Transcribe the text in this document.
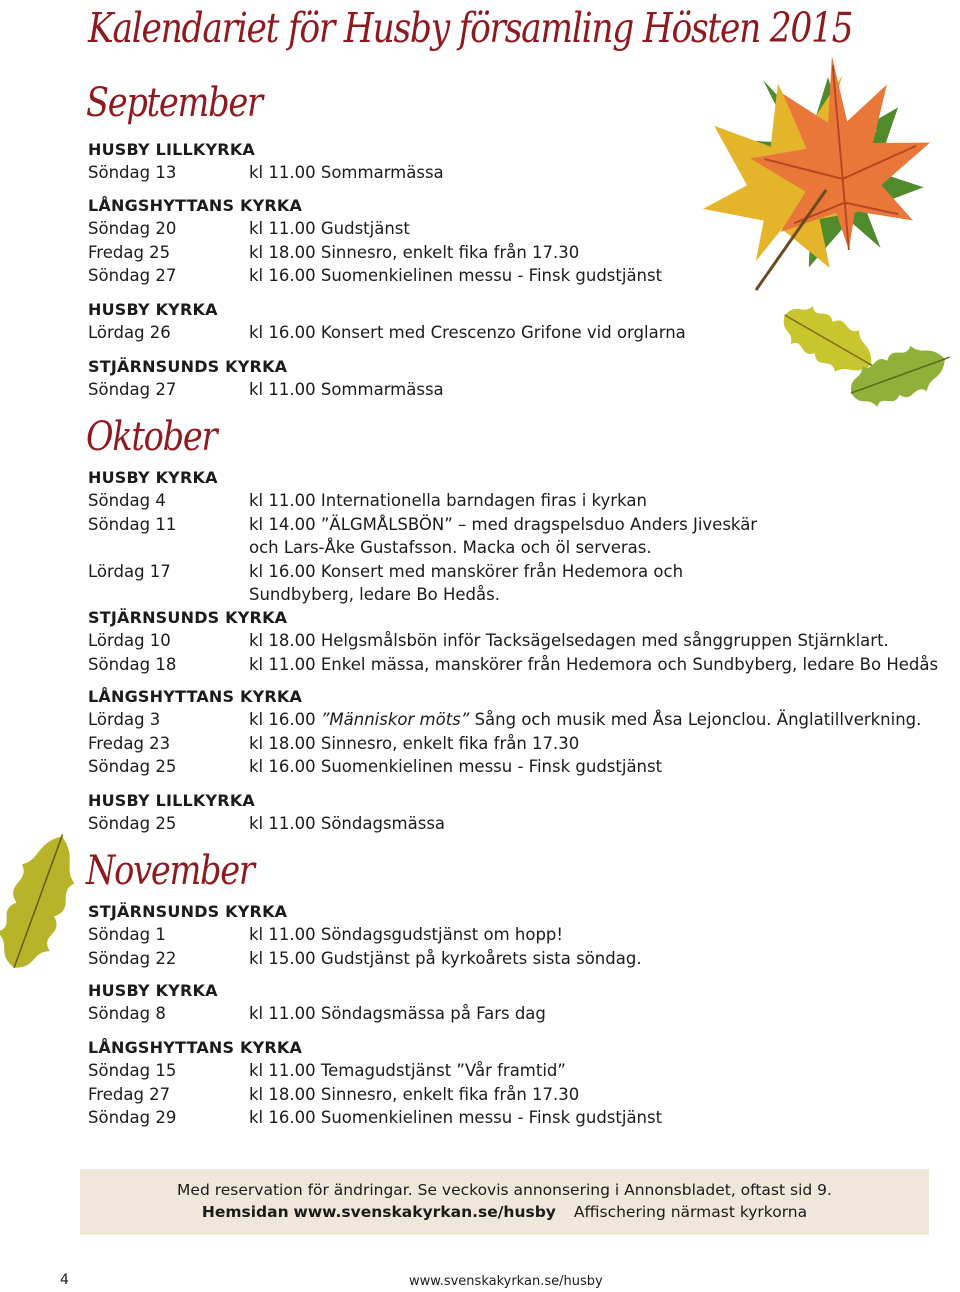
Kalendariet för Husby församling Hösten 2015
September
HUSBY LILLKYRKA
Söndag 13	kl 11.00 Sommarmässa
LÅNGSHYTTANS KYRKA
Söndag 20	kl 11.00 Gudstjänst
Fredag 25	kl 18.00 Sinnesro, enkelt fika från 17.30
Söndag 27	kl 16.00 Suomenkielinen messu - Finsk gudstjänst
HUSBY KYRKA
Lördag 26	kl 16.00 Konsert med Crescenzo Grifone vid orglarna
STJÄRNSUNDS KYRKA
Söndag 27	kl 11.00 Sommarmässa
Oktober
HUSBY KYRKA
Söndag 4	kl 11.00 Internationella barndagen firas i kyrkan
Söndag 11	kl 14.00 ”ÄLGMÅLSBÖN” – med dragspelsduo Anders Jiveskär
och Lars-Åke Gustafsson. Macka och öl serveras.
Lördag 17	kl 16.00 Konsert med manskörer från Hedemora och
Sundbyberg, ledare Bo Hedås.
STJÄRNSUNDS KYRKA
Lördag 10	kl 18.00 Helgsmålsbön inför Tacksägelsedagen med sånggruppen Stjärnklart.
Söndag 18	kl 11.00 Enkel mässa, manskörer från Hedemora och Sundbyberg, ledare Bo Hedås
LÅNGSHYTTANS KYRKA
Lördag 3	kl 16.00 ”Människor möts” Sång och musik med Åsa Lejonclou. Änglatillverkning.
Fredag 23	kl 18.00 Sinnesro, enkelt fika från 17.30
Söndag 25	kl 16.00 Suomenkielinen messu - Finsk gudstjänst
HUSBY LILLKYRKA
Söndag 25	kl 11.00 Söndagsmässa
November
STJÄRNSUNDS KYRKA
Söndag 1	kl 11.00 Söndagsgudstjänst om hopp!
Söndag 22	kl 15.00 Gudstjänst på kyrkoårets sista söndag.
HUSBY KYRKA
Söndag 8	kl 11.00 Söndagsmässa på Fars dag
LÅNGSHYTTANS KYRKA
Söndag 15	kl 11.00 Temagudstjänst ”Vår framtid”
Fredag 27	kl 18.00 Sinnesro, enkelt fika från 17.30
Söndag 29	kl 16.00 Suomenkielinen messu - Finsk gudstjänst
Med reservation för ändringar. Se veckovis annonsering i Annonsbladet, oftast sid 9.
Hemsidan www.svenskakyrkan.se/husby Affischering närmast kyrkorna
4	www.svenskakyrkan.se/husby
